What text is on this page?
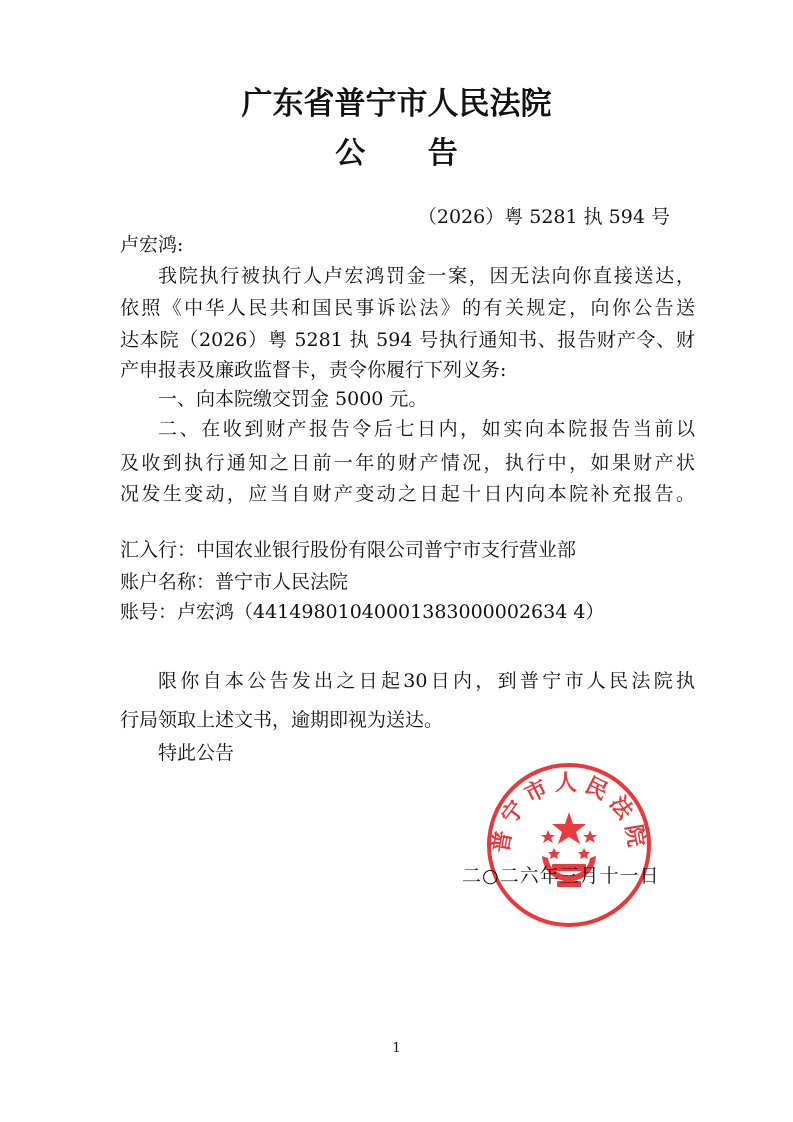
广东省普宁市人民法院
公 告
（2026）粤 5281 执 594 号
卢宏鸿:
我院执行被执行人卢宏鸿罚金一案，因无法向你直接送达，
依照《中华人民共和国民事诉讼法》的有关规定，向你公告送
达本院（2026）粤 5281 执 594 号执行通知书、报告财产令、财
产申报表及廉政监督卡，责令你履行下列义务:
一、向本院缴交罚金 5000 元。
二、在收到财产报告令后七日内，如实向本院报告当前以
及收到执行通知之日前一年的财产情况，执行中，如果财产状
况发生变动，应当自财产变动之日起十日内向本院补充报告。
汇入行：中国农业银行股份有限公司普宁市支行营业部
账户名称：普宁市人民法院
账号：卢宏鸿（44149801040001383000002634 4）
限你自本公告发出之日起30日内，到普宁市人民法院执
行局领取上述文书，逾期即视为送达。
特此公告
普宁市人民法院
二○二六年三月十一日
1
